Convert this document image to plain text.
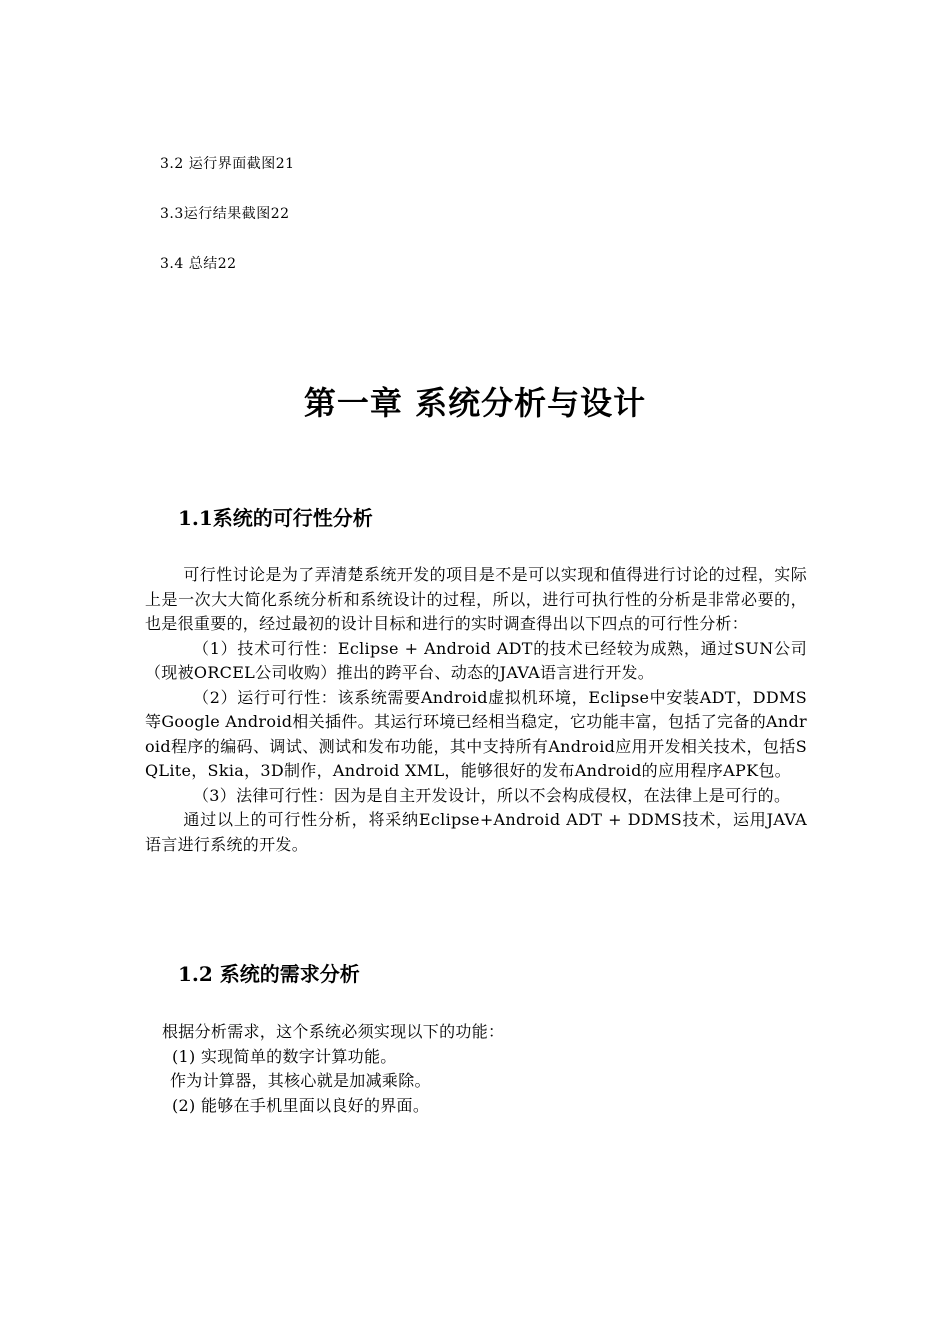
3.2 运行界面截图21
3.3运行结果截图22
3.4 总结22
第一章 系统分析与设计
1.1系统的可行性分析

可行性讨论是为了弄清楚系统开发的项目是不是可以实现和值得进行讨论的过程，实际上是一次大大简化系统分析和系统设计的过程，所以，进行可执行性的分析是非常必要的，也是很重要的，经过最初的设计目标和进行的实时调查得出以下四点的可行性分析：

（1）技术可行性：Eclipse + Android ADT的技术已经较为成熟，通过SUN公司（现被ORCEL公司收购）推出的跨平台、动态的JAVA语言进行开发。

（2）运行可行性：该系统需要Android虚拟机环境，Eclipse中安装ADT，DDMS等Google Android相关插件。其运行环境已经相当稳定，它功能丰富，包括了完备的Android程序的编码、调试、测试和发布功能，其中支持所有Android应用开发相关技术，包括SQLite，Skia，3D制作，Android XML，能够很好的发布Android的应用程序APK包。

（3）法律可行性：因为是自主开发设计，所以不会构成侵权，在法律上是可行的。

通过以上的可行性分析，将采纳Eclipse+Android ADT + DDMS技术，运用JAVA语言进行系统的开发。

1.2 系统的需求分析

根据分析需求，这个系统必须实现以下的功能：

(1) 实现简单的数字计算功能。

作为计算器，其核心就是加减乘除。

(2) 能够在手机里面以良好的界面。
